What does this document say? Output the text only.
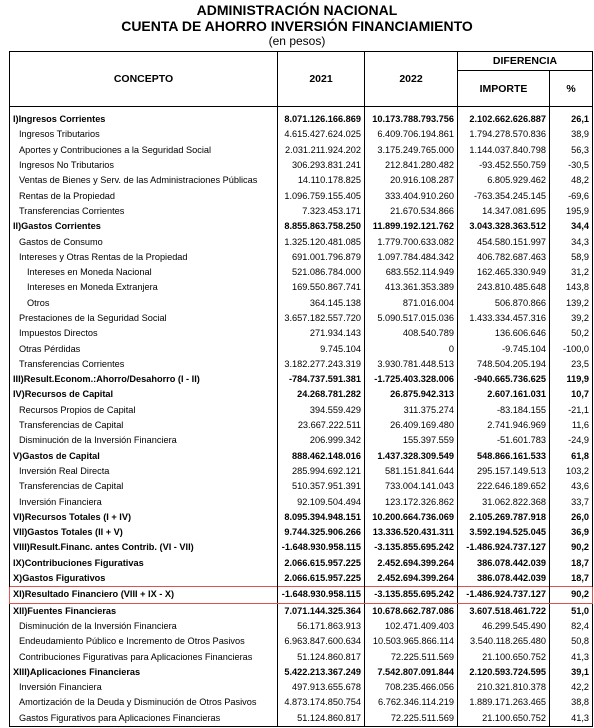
ADMINISTRACIÓN NACIONAL
CUENTA DE AHORRO INVERSIÓN FINANCIAMIENTO
(en pesos)
CONCEPTO	2021	2022	DIFERENCIA	
			IMPORTE	%

I)Ingresos Corrientes	8.071.126.166.869	10.173.788.793.756	2.102.662.626.887	26,1
Ingresos Tributarios	4.615.427.624.025	6.409.706.194.861	1.794.278.570.836	38,9
Aportes y Contribuciones a la Seguridad Social	2.031.211.924.202	3.175.249.765.000	1.144.037.840.798	56,3
Ingresos No Tributarios	306.293.831.241	212.841.280.482	-93.452.550.759	-30,5
Ventas de Bienes y Serv. de las Administraciones Públicas	14.110.178.825	20.916.108.287	6.805.929.462	48,2
Rentas de la Propiedad	1.096.759.155.405	333.404.910.260	-763.354.245.145	-69,6
Transferencias Corrientes	7.323.453.171	21.670.534.866	14.347.081.695	195,9
II)Gastos Corrientes	8.855.863.758.250	11.899.192.121.762	3.043.328.363.512	34,4
Gastos de Consumo	1.325.120.481.085	1.779.700.633.082	454.580.151.997	34,3
Intereses y Otras Rentas de la Propiedad	691.001.796.879	1.097.784.484.342	406.782.687.463	58,9
Intereses en Moneda Nacional	521.086.784.000	683.552.114.949	162.465.330.949	31,2
Intereses en Moneda Extranjera	169.550.867.741	413.361.353.389	243.810.485.648	143,8
Otros	364.145.138	871.016.004	506.870.866	139,2
Prestaciones de la Seguridad Social	3.657.182.557.720	5.090.517.015.036	1.433.334.457.316	39,2
Impuestos Directos	271.934.143	408.540.789	136.606.646	50,2
Otras Pérdidas	9.745.104	0	-9.745.104	-100,0
Transferencias Corrientes	3.182.277.243.319	3.930.781.448.513	748.504.205.194	23,5
III)Result.Econom.:Ahorro/Desahorro (I - II)	-784.737.591.381	-1.725.403.328.006	-940.665.736.625	119,9
IV)Recursos de Capital	24.268.781.282	26.875.942.313	2.607.161.031	10,7
Recursos Propios de Capital	394.559.429	311.375.274	-83.184.155	-21,1
Transferencias de Capital	23.667.222.511	26.409.169.480	2.741.946.969	11,6
Disminución de la Inversión Financiera	206.999.342	155.397.559	-51.601.783	-24,9
V)Gastos de Capital	888.462.148.016	1.437.328.309.549	548.866.161.533	61,8
Inversión Real Directa	285.994.692.121	581.151.841.644	295.157.149.513	103,2
Transferencias de Capital	510.357.951.391	733.004.141.043	222.646.189.652	43,6
Inversión Financiera	92.109.504.494	123.172.326.862	31.062.822.368	33,7
VI)Recursos Totales (I + IV)	8.095.394.948.151	10.200.664.736.069	2.105.269.787.918	26,0
VII)Gastos Totales (II + V)	9.744.325.906.266	13.336.520.431.311	3.592.194.525.045	36,9
VIII)Result.Financ. antes Contrib. (VI - VII)	-1.648.930.958.115	-3.135.855.695.242	-1.486.924.737.127	90,2
IX)Contribuciones Figurativas	2.066.615.957.225	2.452.694.399.264	386.078.442.039	18,7
X)Gastos Figurativos	2.066.615.957.225	2.452.694.399.264	386.078.442.039	18,7
XI)Resultado Financiero (VIII + IX - X)	-1.648.930.958.115	-3.135.855.695.242	-1.486.924.737.127	90,2
XII)Fuentes Financieras	7.071.144.325.364	10.678.662.787.086	3.607.518.461.722	51,0
Disminución de la Inversión Financiera	56.171.863.913	102.471.409.403	46.299.545.490	82,4
Endeudamiento Público e Incremento de Otros Pasivos	6.963.847.600.634	10.503.965.866.114	3.540.118.265.480	50,8
Contribuciones Figurativas para Aplicaciones Financieras	51.124.860.817	72.225.511.569	21.100.650.752	41,3
XIII)Aplicaciones Financieras	5.422.213.367.249	7.542.807.091.844	2.120.593.724.595	39,1
Inversión Financiera	497.913.655.678	708.235.466.056	210.321.810.378	42,2
Amortización de la Deuda y Disminución de Otros Pasivos	4.873.174.850.754	6.762.346.114.219	1.889.171.263.465	38,8
Gastos Figurativos para Aplicaciones Financieras	51.124.860.817	72.225.511.569	21.100.650.752	41,3
